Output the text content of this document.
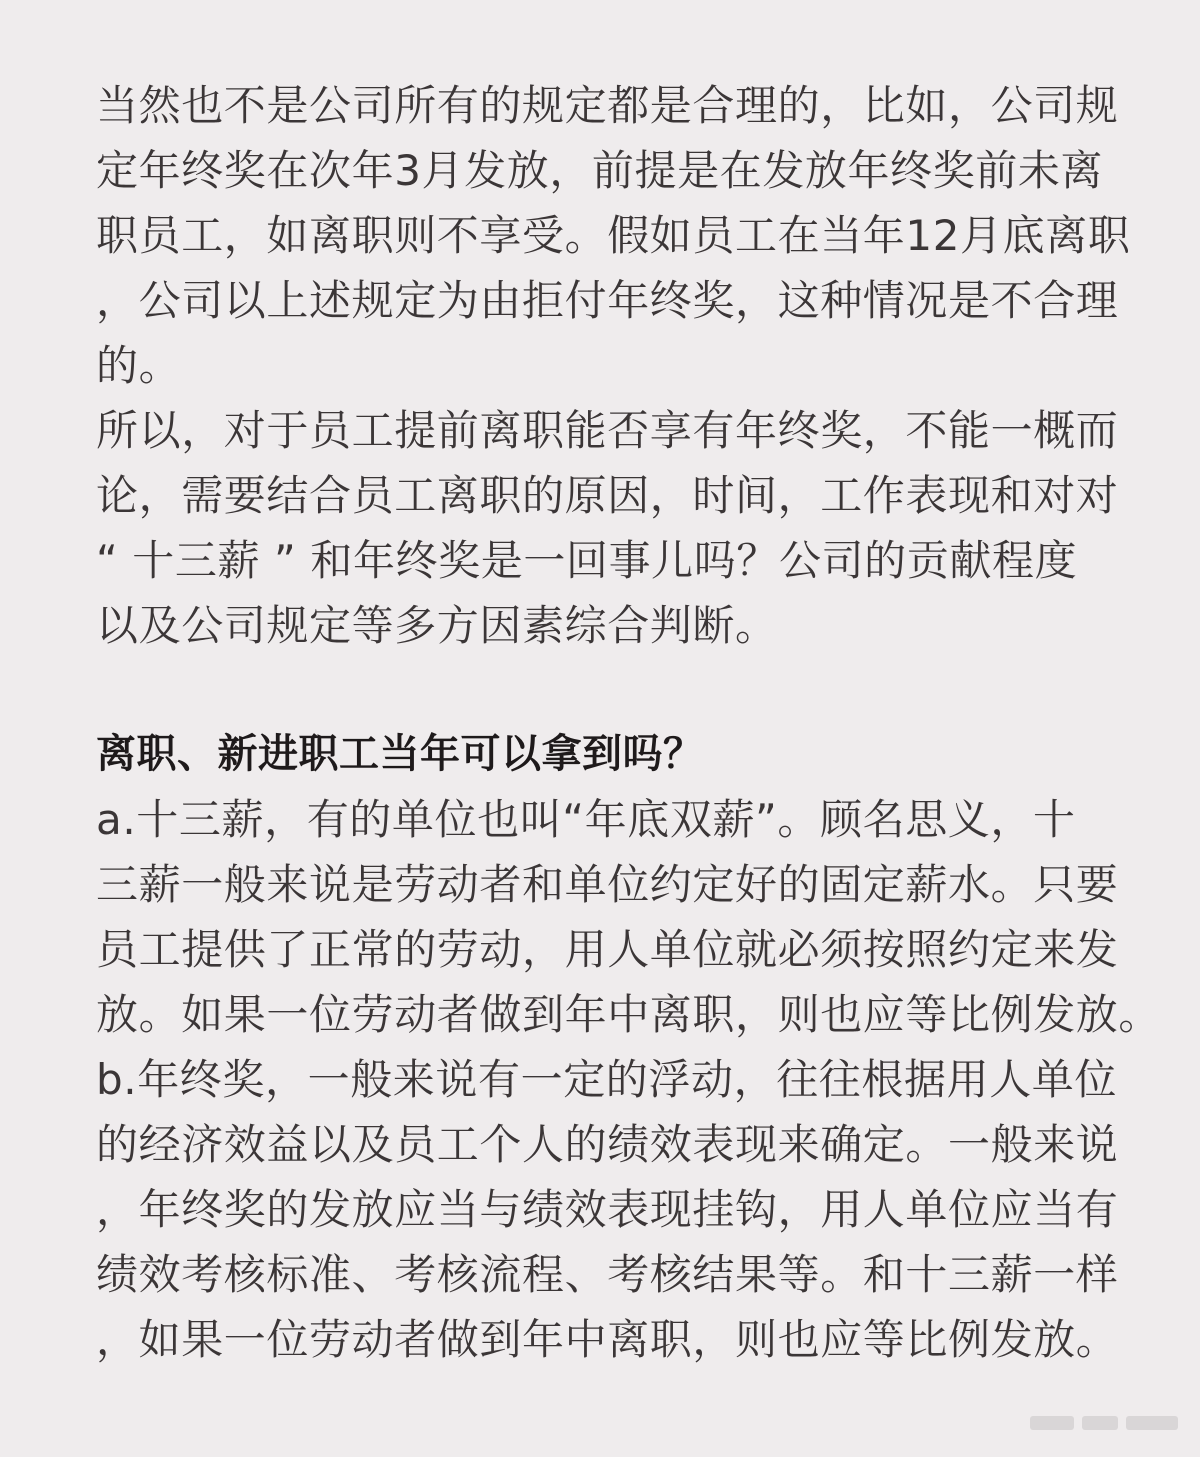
当然也不是公司所有的规定都是合理的，比如，公司规
定年终奖在次年3月发放，前提是在发放年终奖前未离
职员工，如离职则不享受。假如员工在当年12月底离职
，公司以上述规定为由拒付年终奖，这种情况是不合理
的。
所以，对于员工提前离职能否享有年终奖，不能一概而
论，需要结合员工离职的原因，时间，工作表现和对对
“ 十三薪 ” 和年终奖是一回事儿吗？公司的贡献程度
以及公司规定等多方因素综合判断。
离职、新进职工当年可以拿到吗？
a.十三薪，有的单位也叫“年底双薪”。顾名思义，十
三薪一般来说是劳动者和单位约定好的固定薪水。只要
员工提供了正常的劳动，用人单位就必须按照约定来发
放。如果一位劳动者做到年中离职，则也应等比例发放。
b.年终奖，一般来说有一定的浮动，往往根据用人单位
的经济效益以及员工个人的绩效表现来确定。一般来说
，年终奖的发放应当与绩效表现挂钩，用人单位应当有
绩效考核标准、考核流程、考核结果等。和十三薪一样
，如果一位劳动者做到年中离职，则也应等比例发放。
